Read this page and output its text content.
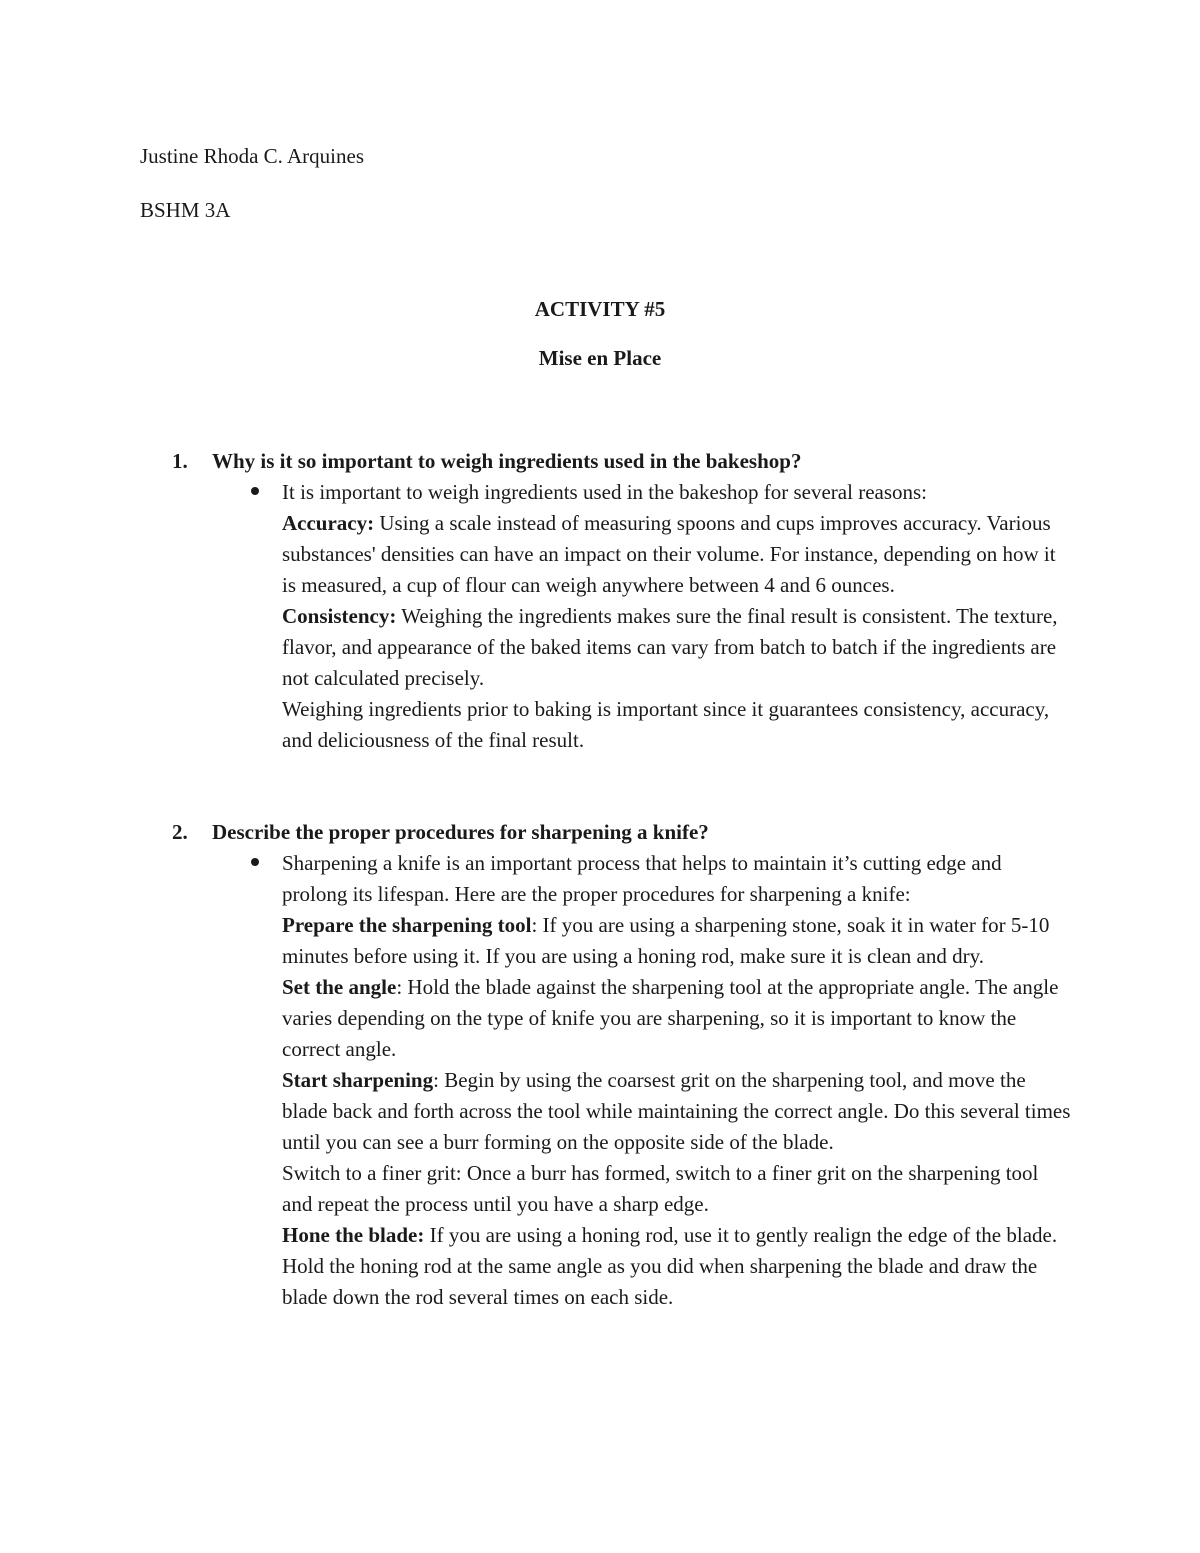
Justine Rhoda C. Arquines
BSHM 3A
ACTIVITY #5
Mise en Place
1. Why is it so important to weigh ingredients used in the bakeshop?

It is important to weigh ingredients used in the bakeshop for several reasons:

Accuracy: Using a scale instead of measuring spoons and cups improves accuracy. Various substances' densities can have an impact on their volume. For instance, depending on how it is measured, a cup of flour can weigh anywhere between 4 and 6 ounces.

Consistency: Weighing the ingredients makes sure the final result is consistent. The texture, flavor, and appearance of the baked items can vary from batch to batch if the ingredients are not calculated precisely.

Weighing ingredients prior to baking is important since it guarantees consistency, accuracy, and deliciousness of the final result.

2. Describe the proper procedures for sharpening a knife?

Sharpening a knife is an important process that helps to maintain it’s cutting edge and prolong its lifespan. Here are the proper procedures for sharpening a knife:

Prepare the sharpening tool: If you are using a sharpening stone, soak it in water for 5-10 minutes before using it. If you are using a honing rod, make sure it is clean and dry.

Set the angle: Hold the blade against the sharpening tool at the appropriate angle. The angle varies depending on the type of knife you are sharpening, so it is important to know the correct angle.

Start sharpening: Begin by using the coarsest grit on the sharpening tool, and move the blade back and forth across the tool while maintaining the correct angle. Do this several times until you can see a burr forming on the opposite side of the blade.

Switch to a finer grit: Once a burr has formed, switch to a finer grit on the sharpening tool and repeat the process until you have a sharp edge.

Hone the blade: If you are using a honing rod, use it to gently realign the edge of the blade. Hold the honing rod at the same angle as you did when sharpening the blade and draw the blade down the rod several times on each side.
